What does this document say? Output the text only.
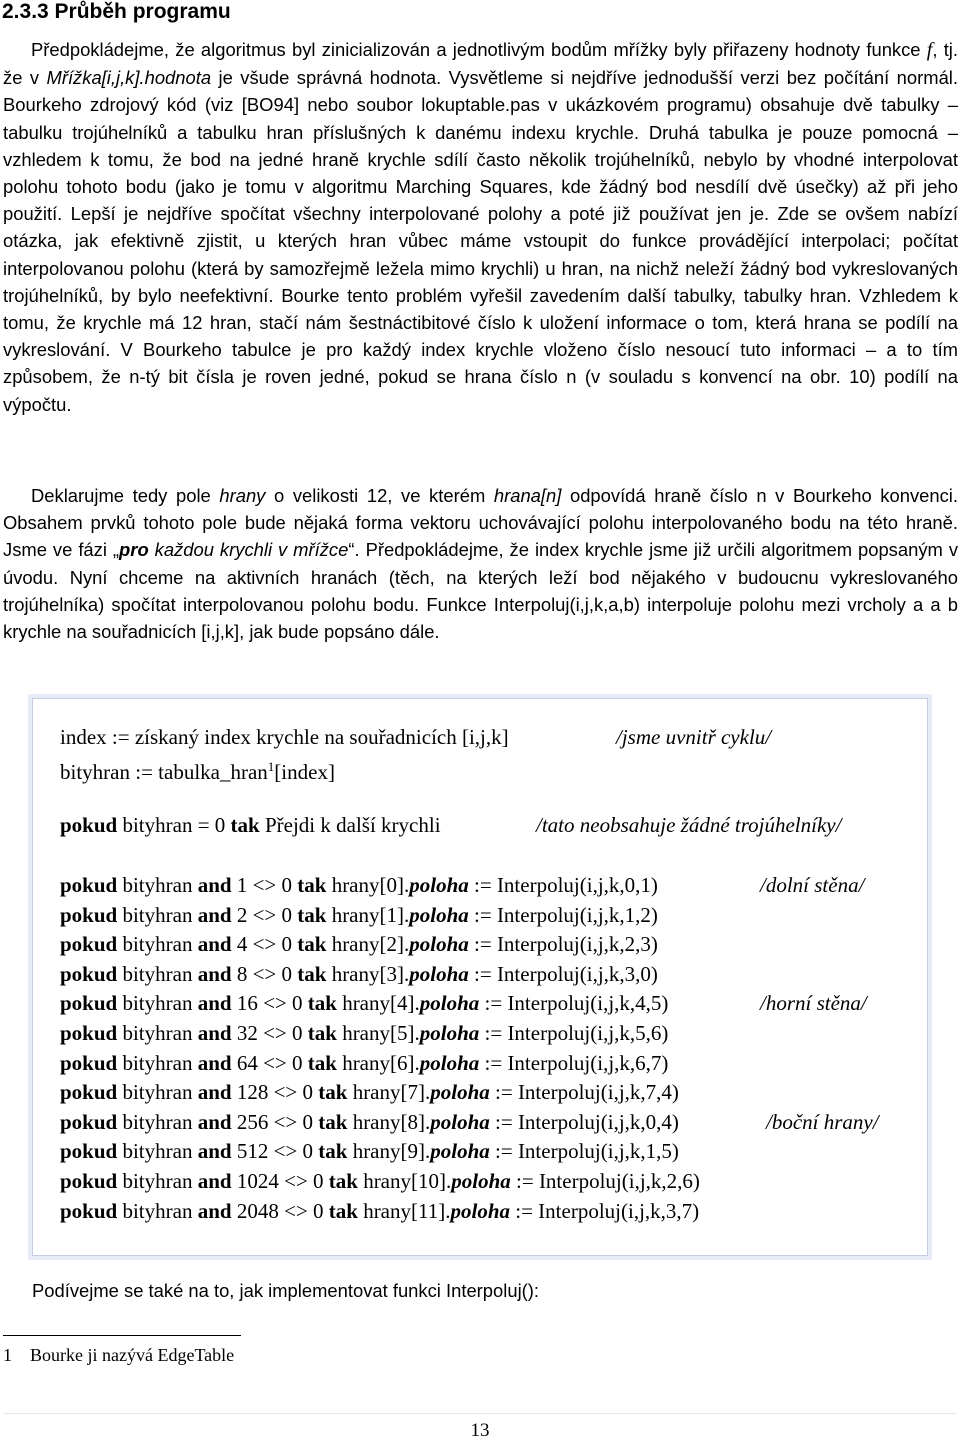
2.3.3 Průběh programu

Předpokládejme, že algoritmus byl zinicializován a jednotlivým bodům mřížky byly přiřazeny hodnoty funkce f, tj. že v Mřížka[i,j,k].hodnota je všude správná hodnota. Vysvětleme si nejdříve jednodušší verzi bez počítání normál. Bourkeho zdrojový kód (viz [BO94] nebo soubor lokuptable.pas v ukázkovém programu) obsahuje dvě tabulky – tabulku trojúhelníků a tabulku hran příslušných k danému indexu krychle. Druhá tabulka je pouze pomocná – vzhledem k tomu, že bod na jedné hraně krychle sdílí často několik trojúhelníků, nebylo by vhodné interpolovat polohu tohoto bodu (jako je tomu v algoritmu Marching Squares, kde žádný bod nesdílí dvě úsečky) až při jeho použití. Lepší je nejdříve spočítat všechny interpolované polohy a poté již používat jen je. Zde se ovšem nabízí otázka, jak efektivně zjistit, u kterých hran vůbec máme vstoupit do funkce provádějící interpolaci; počítat interpolovanou polohu (která by samozřejmě ležela mimo krychli) u hran, na nichž neleží žádný bod vykreslovaných trojúhelníků, by bylo neefektivní. Bourke tento problém vyřešil zavedením další tabulky, tabulky hran. Vzhledem k tomu, že krychle má 12 hran, stačí nám šestnáctibitové číslo k uložení informace o tom, která hrana se podílí na vykreslování. V Bourkeho tabulce je pro každý index krychle vloženo číslo nesoucí tuto informaci – a to tím způsobem, že n-tý bit čísla je roven jedné, pokud se hrana číslo n (v souladu s konvencí na obr. 10) podílí na výpočtu.

Deklarujme tedy pole hrany o velikosti 12, ve kterém hrana[n] odpovídá hraně číslo n v Bourkeho konvenci. Obsahem prvků tohoto pole bude nějaká forma vektoru uchovávající polohu interpolovaného bodu na této hraně. Jsme ve fázi „pro každou krychli v mřížce“. Předpokládejme, že index krychle jsme již určili algoritmem popsaným v úvodu. Nyní chceme na aktivních hranách (těch, na kterých leží bod nějakého v budoucnu vykreslovaného trojúhelníka) spočítat interpolovanou polohu bodu. Funkce Interpoluj(i,j,k,a,b) interpoluje polohu mezi vrcholy a a b krychle na souřadnicích [i,j,k], jak bude popsáno dále.

index := získaný index krychle na souřadnicích [i,j,k]	/jsme uvnitř cyklu/
bityhran := tabulka_hran$^1$[index]
pokud bityhran = 0 tak Přejdi k další krychli	/tato neobsahuje žádné trojúhelníky/
pokud bityhran and 1 <> 0 tak hrany[0].poloha := Interpoluj(i,j,k,0,1)	/dolní stěna/
pokud bityhran and 2 <> 0 tak hrany[1].poloha := Interpoluj(i,j,k,1,2)
pokud bityhran and 4 <> 0 tak hrany[2].poloha := Interpoluj(i,j,k,2,3)
pokud bityhran and 8 <> 0 tak hrany[3].poloha := Interpoluj(i,j,k,3,0)
pokud bityhran and 16 <> 0 tak hrany[4].poloha := Interpoluj(i,j,k,4,5)	/horní stěna/
pokud bityhran and 32 <> 0 tak hrany[5].poloha := Interpoluj(i,j,k,5,6)
pokud bityhran and 64 <> 0 tak hrany[6].poloha := Interpoluj(i,j,k,6,7)
pokud bityhran and 128 <> 0 tak hrany[7].poloha := Interpoluj(i,j,k,7,4)
pokud bityhran and 256 <> 0 tak hrany[8].poloha := Interpoluj(i,j,k,0,4)	/boční hrany/
pokud bityhran and 512 <> 0 tak hrany[9].poloha := Interpoluj(i,j,k,1,5)
pokud bityhran and 1024 <> 0 tak hrany[10].poloha := Interpoluj(i,j,k,2,6)
pokud bityhran and 2048 <> 0 tak hrany[11].poloha := Interpoluj(i,j,k,3,7)

Podívejme se také na to, jak implementovat funkci Interpoluj():

1 Bourke ji nazývá EdgeTable

13
